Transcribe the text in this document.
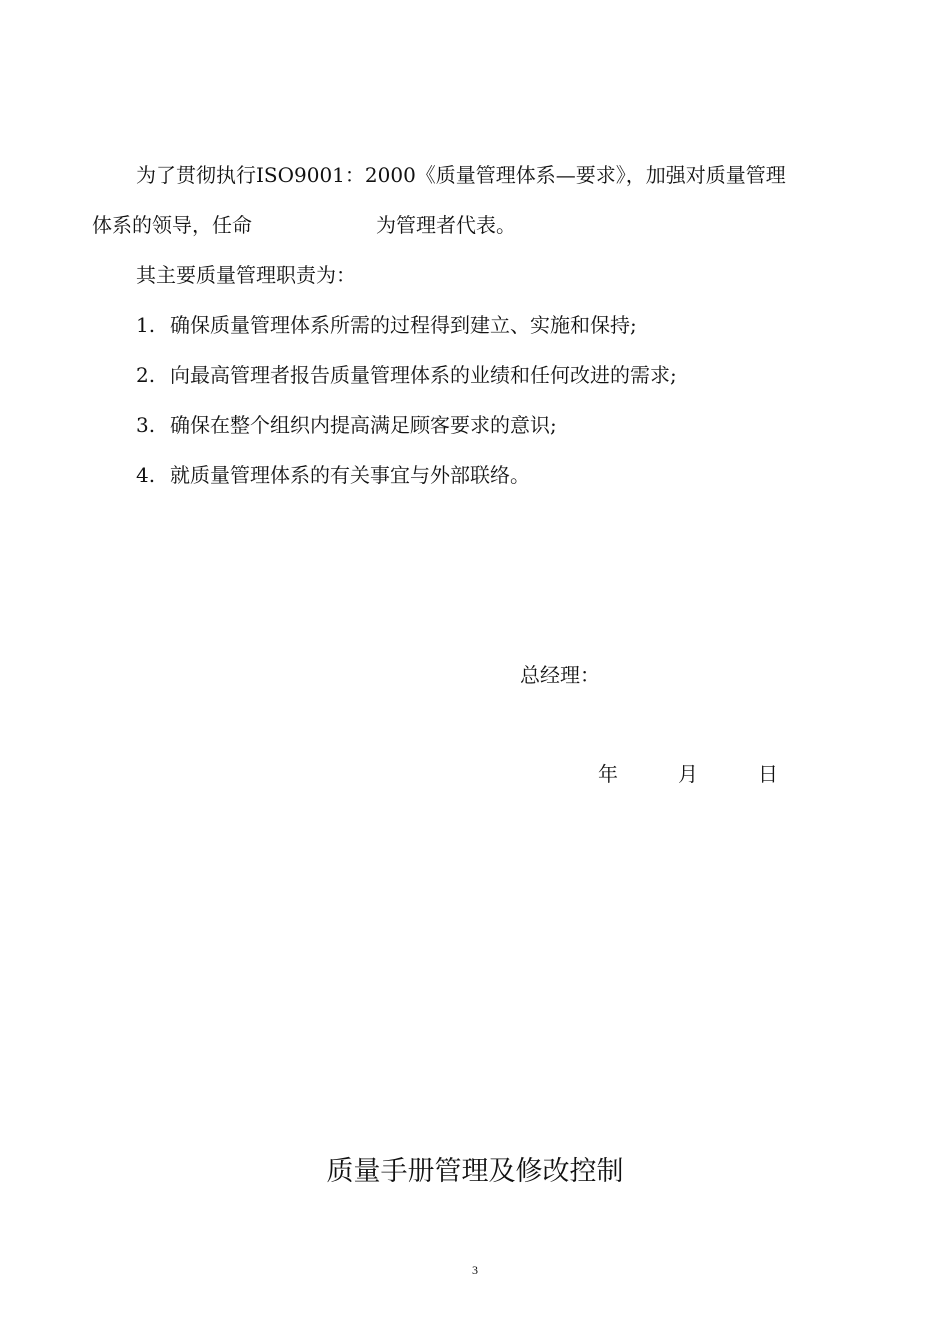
为了贯彻执行ISO9001：2000《质量管理体系—要求》，加强对质量管理
体系的领导，任命	为管理者代表。
其主要质量管理职责为：
1. 确保质量管理体系所需的过程得到建立、实施和保持;
2. 向最高管理者报告质量管理体系的业绩和任何改进的需求;
3. 确保在整个组织内提高满足顾客要求的意识;
4. 就质量管理体系的有关事宜与外部联络。
总经理：
年	月	日
质量手册管理及修改控制
3
